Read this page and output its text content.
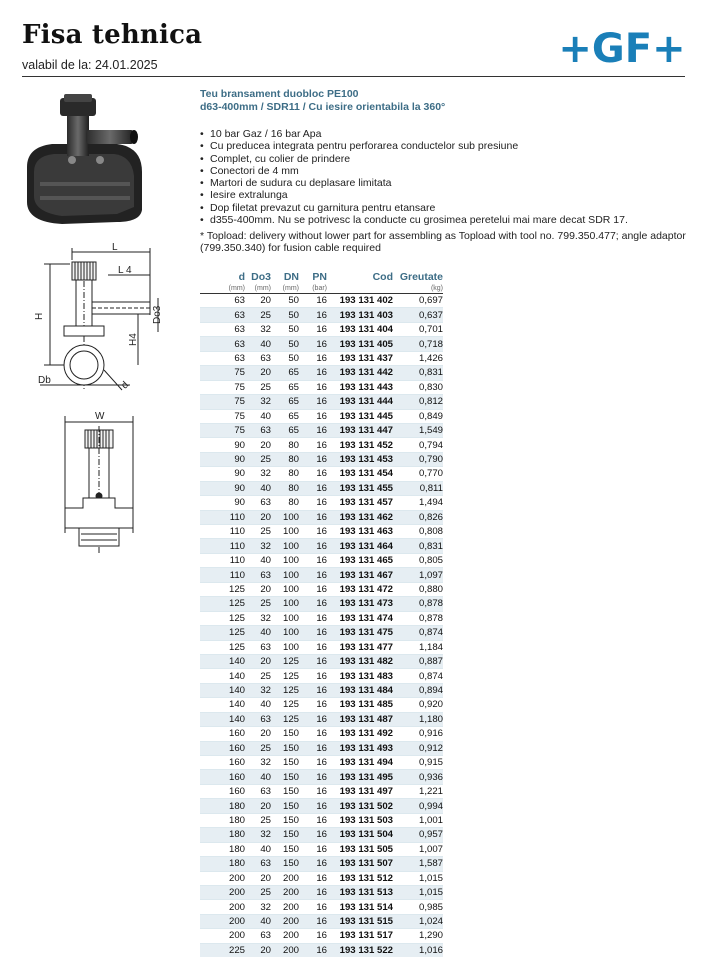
Fisa tehnica
valabil de la: 24.01.2025	+GF+
L
L 4
H
H4
Do3
Db	d
W
Teu bransament duobloc PE100
d63-400mm / SDR11 / Cu iesire orientabila la 360°
• 10 bar Gaz / 16 bar Apa
• Cu preducea integrata pentru perforarea conductelor sub presiune
• Complet, cu colier de prindere
• Conectori de 4 mm
• Martori de sudura cu deplasare limitata
• Iesire extralunga
• Dop filetat prevazut cu garnitura pentru etansare
• d355-400mm. Nu se potrivesc la conducte cu grosimea peretelui mai mare decat SDR 17.
* Topload: delivery without lower part for assembling as Topload with tool no. 799.350.477; angle adaptor (799.350.340) for fusion cable required
d	Do3	DN	PN	Cod	Greutate
(mm)	(mm)	(mm)	(bar)		(kg)
63	20	50	16	193 131 402	0,697
63	25	50	16	193 131 403	0,637
63	32	50	16	193 131 404	0,701
63	40	50	16	193 131 405	0,718
63	63	50	16	193 131 437	1,426
75	20	65	16	193 131 442	0,831
75	25	65	16	193 131 443	0,830
75	32	65	16	193 131 444	0,812
75	40	65	16	193 131 445	0,849
75	63	65	16	193 131 447	1,549
90	20	80	16	193 131 452	0,794
90	25	80	16	193 131 453	0,790
90	32	80	16	193 131 454	0,770
90	40	80	16	193 131 455	0,811
90	63	80	16	193 131 457	1,494
110	20	100	16	193 131 462	0,826
110	25	100	16	193 131 463	0,808
110	32	100	16	193 131 464	0,831
110	40	100	16	193 131 465	0,805
110	63	100	16	193 131 467	1,097
125	20	100	16	193 131 472	0,880
125	25	100	16	193 131 473	0,878
125	32	100	16	193 131 474	0,878
125	40	100	16	193 131 475	0,874
125	63	100	16	193 131 477	1,184
140	20	125	16	193 131 482	0,887
140	25	125	16	193 131 483	0,874
140	32	125	16	193 131 484	0,894
140	40	125	16	193 131 485	0,920
140	63	125	16	193 131 487	1,180
160	20	150	16	193 131 492	0,916
160	25	150	16	193 131 493	0,912
160	32	150	16	193 131 494	0,915
160	40	150	16	193 131 495	0,936
160	63	150	16	193 131 497	1,221
180	20	150	16	193 131 502	0,994
180	25	150	16	193 131 503	1,001
180	32	150	16	193 131 504	0,957
180	40	150	16	193 131 505	1,007
180	63	150	16	193 131 507	1,587
200	20	200	16	193 131 512	1,015
200	25	200	16	193 131 513	1,015
200	32	200	16	193 131 514	0,985
200	40	200	16	193 131 515	1,024
200	63	200	16	193 131 517	1,290
225	20	200	16	193 131 522	1,016
